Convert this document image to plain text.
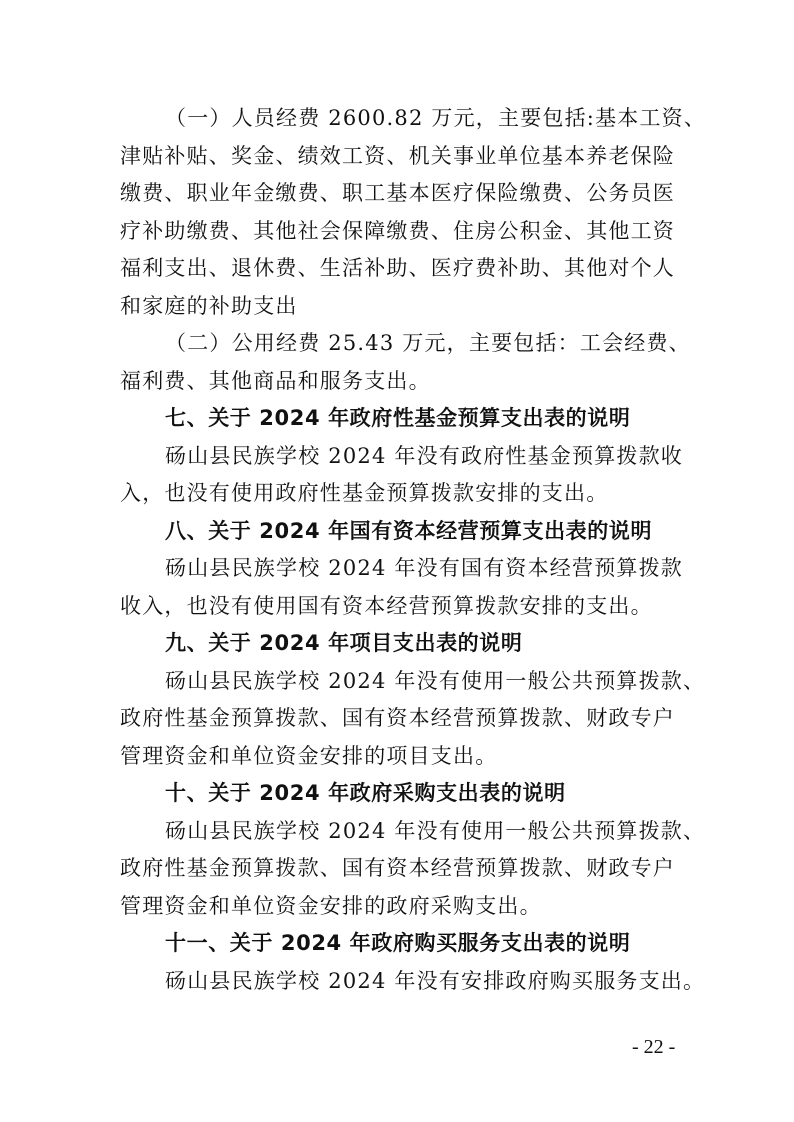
（一）人员经费 2600.82 万元，主要包括:基本工资、
津贴补贴、奖金、绩效工资、机关事业单位基本养老保险
缴费、职业年金缴费、职工基本医疗保险缴费、公务员医
疗补助缴费、其他社会保障缴费、住房公积金、其他工资
福利支出、退休费、生活补助、医疗费补助、其他对个人
和家庭的补助支出
（二）公用经费 25.43 万元，主要包括：工会经费、
福利费、其他商品和服务支出。
七、关于 2024 年政府性基金预算支出表的说明
砀山县民族学校 2024 年没有政府性基金预算拨款收
入，也没有使用政府性基金预算拨款安排的支出。
八、关于 2024 年国有资本经营预算支出表的说明
砀山县民族学校 2024 年没有国有资本经营预算拨款
收入，也没有使用国有资本经营预算拨款安排的支出。
九、关于 2024 年项目支出表的说明
砀山县民族学校 2024 年没有使用一般公共预算拨款、
政府性基金预算拨款、国有资本经营预算拨款、财政专户
管理资金和单位资金安排的项目支出。
- 22 -
十、关于 2024 年政府采购支出表的说明
砀山县民族学校 2024 年没有使用一般公共预算拨款、
政府性基金预算拨款、国有资本经营预算拨款、财政专户
管理资金和单位资金安排的政府采购支出。
十一、关于 2024 年政府购买服务支出表的说明
砀山县民族学校 2024 年没有安排政府购买服务支出。
